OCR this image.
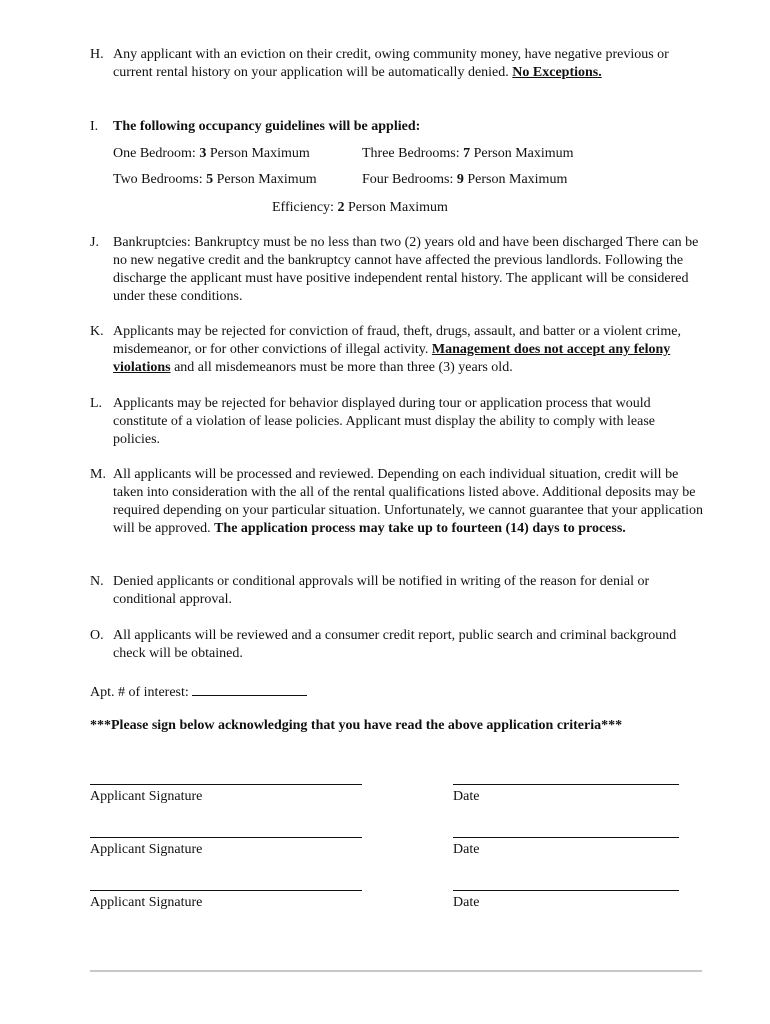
H. Any applicant with an eviction on their credit, owing community money, have negative previous or current rental history on your application will be automatically denied. No Exceptions.
I.	The following occupancy guidelines will be applied:
One Bedroom: 3 Person Maximum	Three Bedrooms: 7 Person Maximum
Two Bedrooms: 5 Person Maximum	Four Bedrooms: 9 Person Maximum
Efficiency: 2 Person Maximum
J.	Bankruptcies: Bankruptcy must be no less than two (2) years old and have been discharged There can be no new negative credit and the bankruptcy cannot have affected the previous landlords. Following the discharge the applicant must have positive independent rental history. The applicant will be considered under these conditions.
K. Applicants may be rejected for conviction of fraud, theft, drugs, assault, and batter or a violent crime, misdemeanor, or for other convictions of illegal activity. Management does not accept any felony violations and all misdemeanors must be more than three (3) years old.
L. Applicants may be rejected for behavior displayed during tour or application process that would constitute of a violation of lease policies. Applicant must display the ability to comply with lease policies.
M. All applicants will be processed and reviewed. Depending on each individual situation, credit will be taken into consideration with the all of the rental qualifications listed above. Additional deposits may be required depending on your particular situation. Unfortunately, we cannot guarantee that your application will be approved. The application process may take up to fourteen (14) days to process.
N. Denied applicants or conditional approvals will be notified in writing of the reason for denial or conditional approval.
O. All applicants will be reviewed and a consumer credit report, public search and criminal background check will be obtained.
Apt. # of interest:
***Please sign below acknowledging that you have read the above application criteria***
Applicant Signature	Date
Applicant Signature	Date
Applicant Signature	Date
